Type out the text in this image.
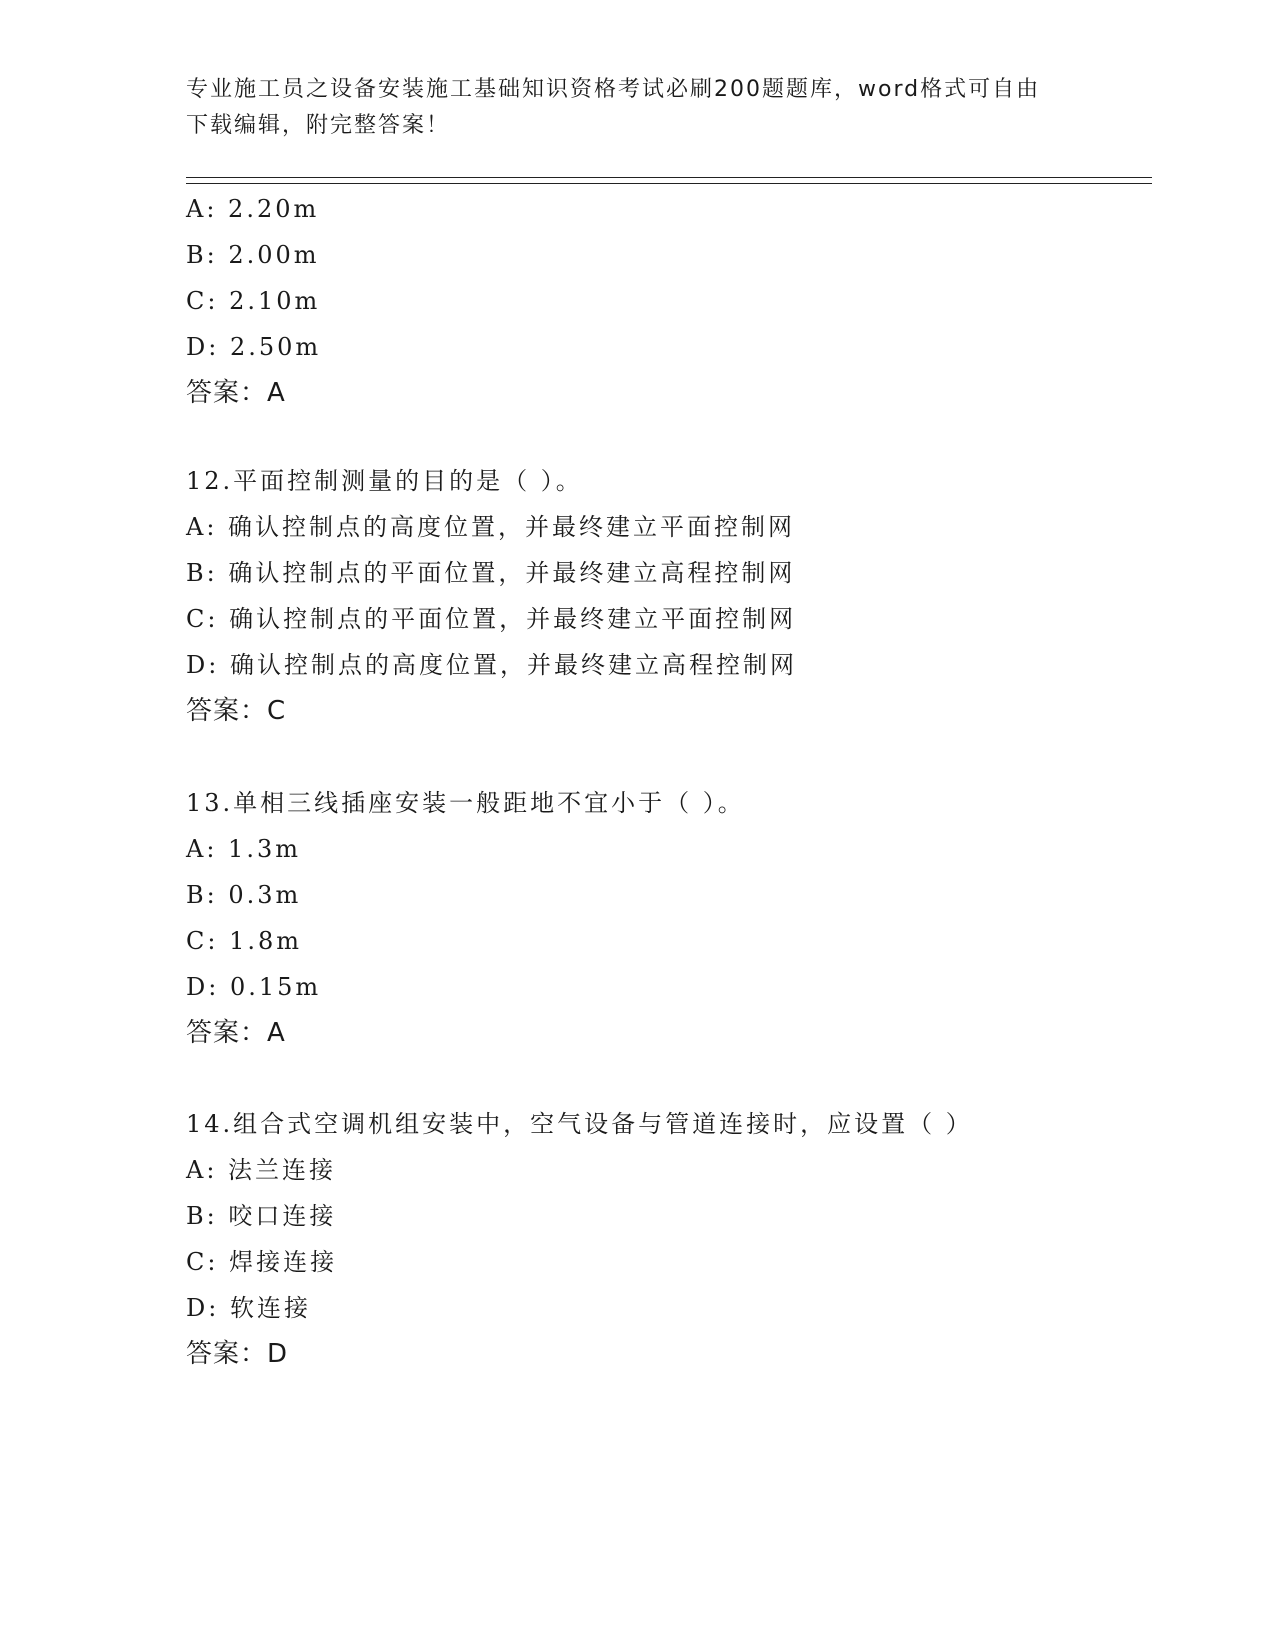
专业施工员之设备安装施工基础知识资格考试必刷200题题库，word格式可自由
下载编辑，附完整答案！
A: 2.20m
B: 2.00m
C: 2.10m
D: 2.50m
答案：A
12.平面控制测量的目的是（ ）。
A: 确认控制点的高度位置，并最终建立平面控制网
B: 确认控制点的平面位置，并最终建立高程控制网
C: 确认控制点的平面位置，并最终建立平面控制网
D: 确认控制点的高度位置，并最终建立高程控制网
答案：C
13.单相三线插座安装一般距地不宜小于（ ）。
A: 1.3m
B: 0.3m
C: 1.8m
D: 0.15m
答案：A
14.组合式空调机组安装中，空气设备与管道连接时，应设置（ ）
A: 法兰连接
B: 咬口连接
C: 焊接连接
D: 软连接
答案：D
